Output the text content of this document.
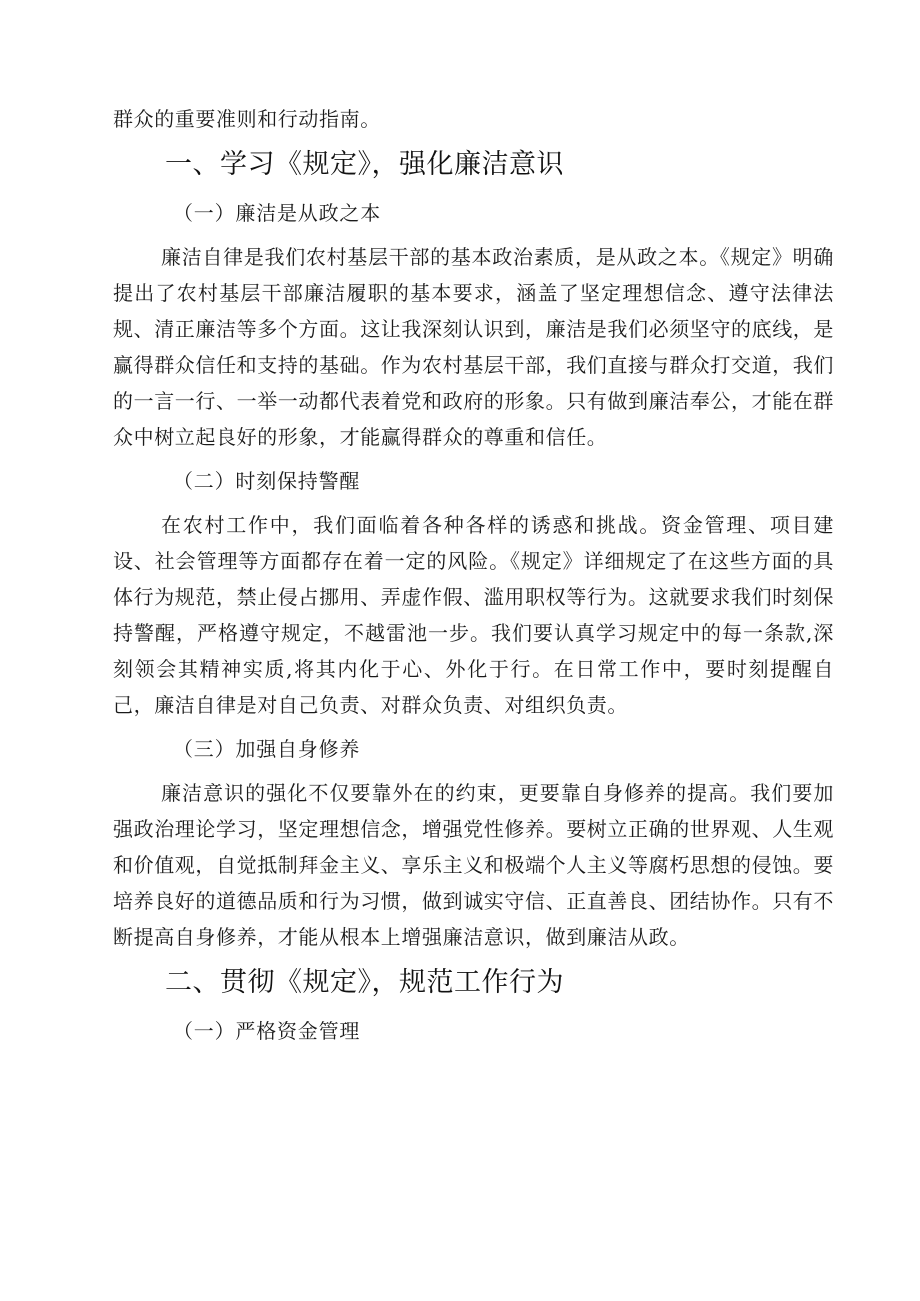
群众的重要准则和行动指南。

一、学习《规定》，强化廉洁意识
（一）廉洁是从政之本

廉洁自律是我们农村基层干部的基本政治素质，是从政之本。《规定》明确提出了农村基层干部廉洁履职的基本要求，涵盖了坚定理想信念、遵守法律法规、清正廉洁等多个方面。这让我深刻认识到，廉洁是我们必须坚守的底线，是赢得群众信任和支持的基础。作为农村基层干部，我们直接与群众打交道，我们的一言一行、一举一动都代表着党和政府的形象。只有做到廉洁奉公，才能在群众中树立起良好的形象，才能赢得群众的尊重和信任。

（二）时刻保持警醒

在农村工作中，我们面临着各种各样的诱惑和挑战。资金管理、项目建设、社会管理等方面都存在着一定的风险。《规定》详细规定了在这些方面的具体行为规范，禁止侵占挪用、弄虚作假、滥用职权等行为。这就要求我们时刻保持警醒，严格遵守规定，不越雷池一步。我们要认真学习规定中的每一条款,深刻领会其精神实质,将其内化于心、外化于行。在日常工作中，要时刻提醒自己，廉洁自律是对自己负责、对群众负责、对组织负责。

（三）加强自身修养

廉洁意识的强化不仅要靠外在的约束，更要靠自身修养的提高。我们要加强政治理论学习，坚定理想信念，增强党性修养。要树立正确的世界观、人生观和价值观，自觉抵制拜金主义、享乐主义和极端个人主义等腐朽思想的侵蚀。要培养良好的道德品质和行为习惯，做到诚实守信、正直善良、团结协作。只有不断提高自身修养，才能从根本上增强廉洁意识，做到廉洁从政。

二、贯彻《规定》，规范工作行为
（一）严格资金管理
